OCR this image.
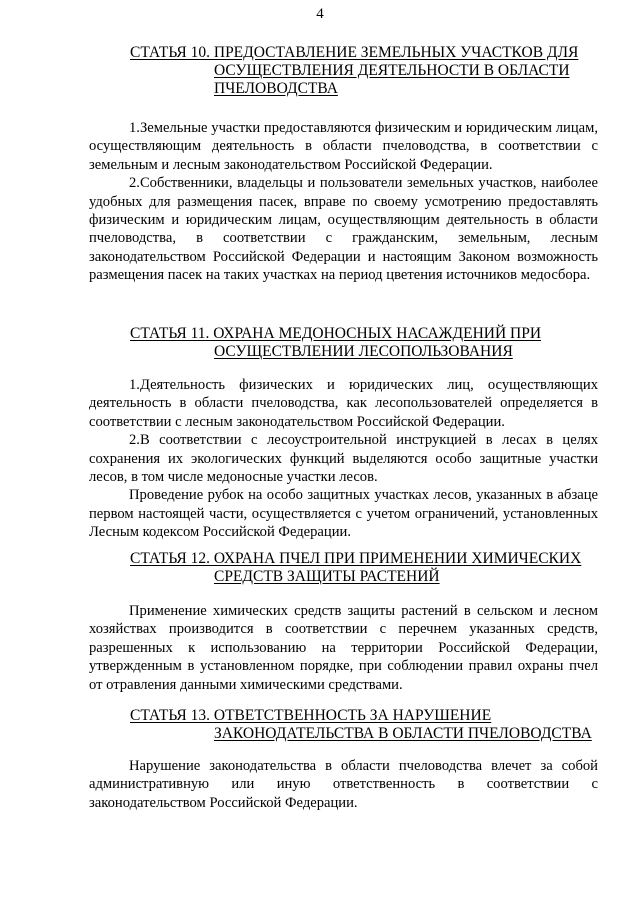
4
СТАТЬЯ 10. ПРЕДОСТАВЛЕНИЕ ЗЕМЕЛЬНЫХ УЧАСТКОВ ДЛЯ
ОСУЩЕСТВЛЕНИЯ ДЕЯТЕЛЬНОСТИ В ОБЛАСТИ
ПЧЕЛОВОДСТВА

1.Земельные участки предоставляются физическим и юридическим лицам, осуществляющим деятельность в области пчеловодства, в соответствии с земельным и лесным законодательством Российской Федерации.

2.Собственники, владельцы и пользователи земельных участков, наиболее удобных для размещения пасек, вправе по своему усмотрению предоставлять физическим и юридическим лицам, осуществляющим деятельность в области пчеловодства, в соответствии с гражданским, земельным, лесным законодательством Российской Федерации и настоящим Законом возможность размещения пасек на таких участках на период цветения источников медосбора.

СТАТЬЯ 11. ОХРАНА МЕДОНОСНЫХ НАСАЖДЕНИЙ ПРИ
ОСУЩЕСТВЛЕНИИ ЛЕСОПОЛЬЗОВАНИЯ

1.Деятельность физических и юридических лиц, осуществляющих деятельность в области пчеловодства, как лесопользователей определяется в соответствии с лесным законодательством Российской Федерации.

2.В соответствии с лесоустроительной инструкцией в лесах в целях сохранения их экологических функций выделяются особо защитные участки лесов, в том числе медоносные участки лесов.

Проведение рубок на особо защитных участках лесов, указанных в абзаце первом настоящей части, осуществляется с учетом ограничений, установленных Лесным кодексом Российской Федерации.

СТАТЬЯ 12. ОХРАНА ПЧЕЛ ПРИ ПРИМЕНЕНИИ ХИМИЧЕСКИХ
СРЕДСТВ ЗАЩИТЫ РАСТЕНИЙ

Применение химических средств защиты растений в сельском и лесном хозяйствах производится в соответствии с перечнем указанных средств, разрешенных к использованию на территории Российской Федерации, утвержденным в установленном порядке, при соблюдении правил охраны пчел от отравления данными химическими средствами.

СТАТЬЯ 13. ОТВЕТСТВЕННОСТЬ ЗА НАРУШЕНИЕ
ЗАКОНОДАТЕЛЬСТВА В ОБЛАСТИ ПЧЕЛОВОДСТВА

Нарушение законодательства в области пчеловодства влечет за собой административную или иную ответственность в соответствии с законодательством Российской Федерации.
